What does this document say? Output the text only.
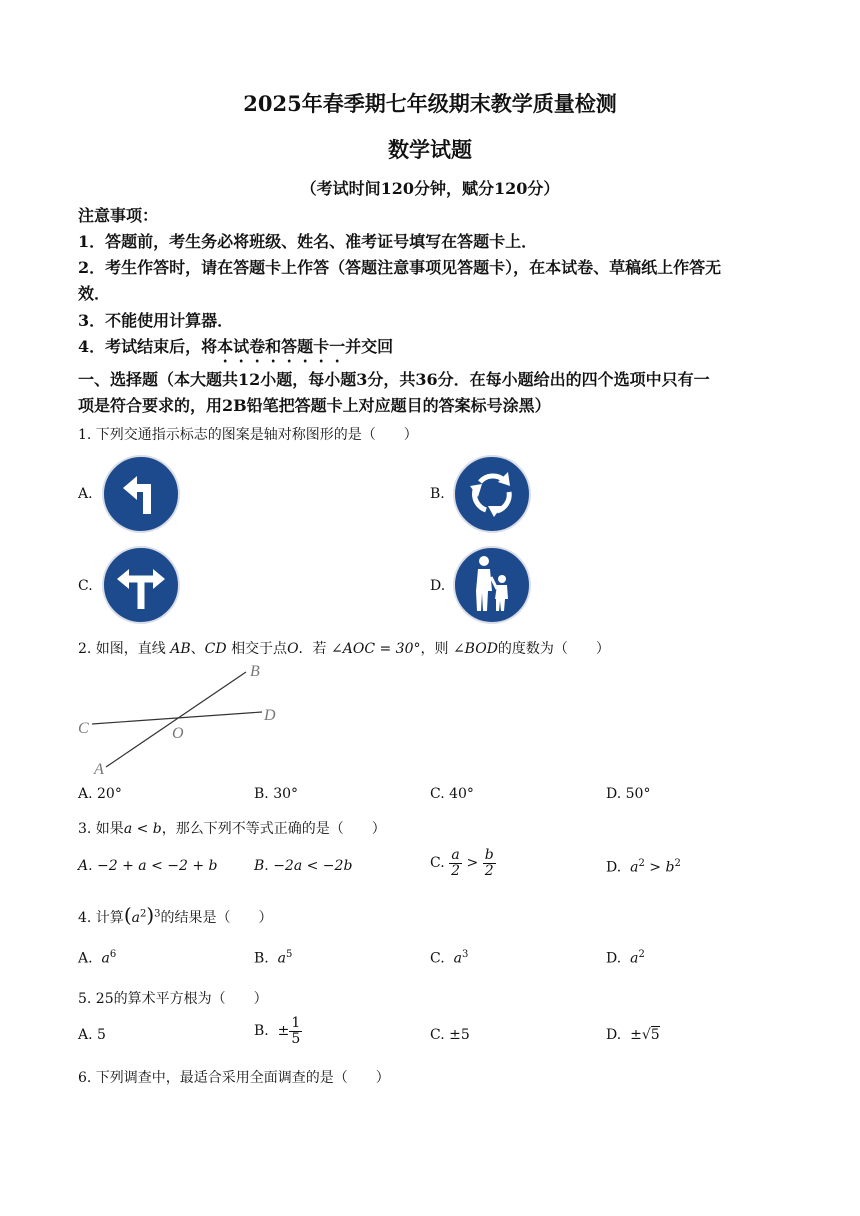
2025年春季期七年级期末教学质量检测
数学试题
（考试时间120分钟，赋分120分）
注意事项：
1．答题前，考生务必将班级、姓名、准考证号填写在答题卡上．
2．考生作答时，请在答题卡上作答（答题注意事项见答题卡），在本试卷、草稿纸上作答无
效．
3．不能使用计算器．
4．考试结束后，将本试卷和答题卡一并交回
一、选择题（本大题共12小题，每小题3分，共36分．在每小题给出的四个选项中只有一
项是符合要求的，用2B铅笔把答题卡上对应题目的答案标号涂黑）
1. 下列交通指示标志的图案是轴对称图形的是（　　）
A.	B.
C.	D.
2. 如图，直线 AB、CD 相交于点O．若 ∠AOC = 30°，则 ∠BOD的度数为（　　）
B
D
C	O
A
A. 20°	B. 30°	C. 40°	D. 50°
3. 如果a < b，那么下列不等式正确的是（　　）
A. −2 + a < −2 + b	B. −2a < −2b	C. $\frac{a}{2} > \frac{b}{2}$	D. $a^2 > b^2$
4. 计算$(a^2)^3$的结果是（　　）
A. $a^6$	B. $a^5$	C. $a^3$	D. $a^2$
5. 25的算术平方根为（　　）
A. 5	B. ± $\frac{1}{5}$	C. ±5	D. ±√5
6. 下列调查中，最适合采用全面调查的是（　　）
